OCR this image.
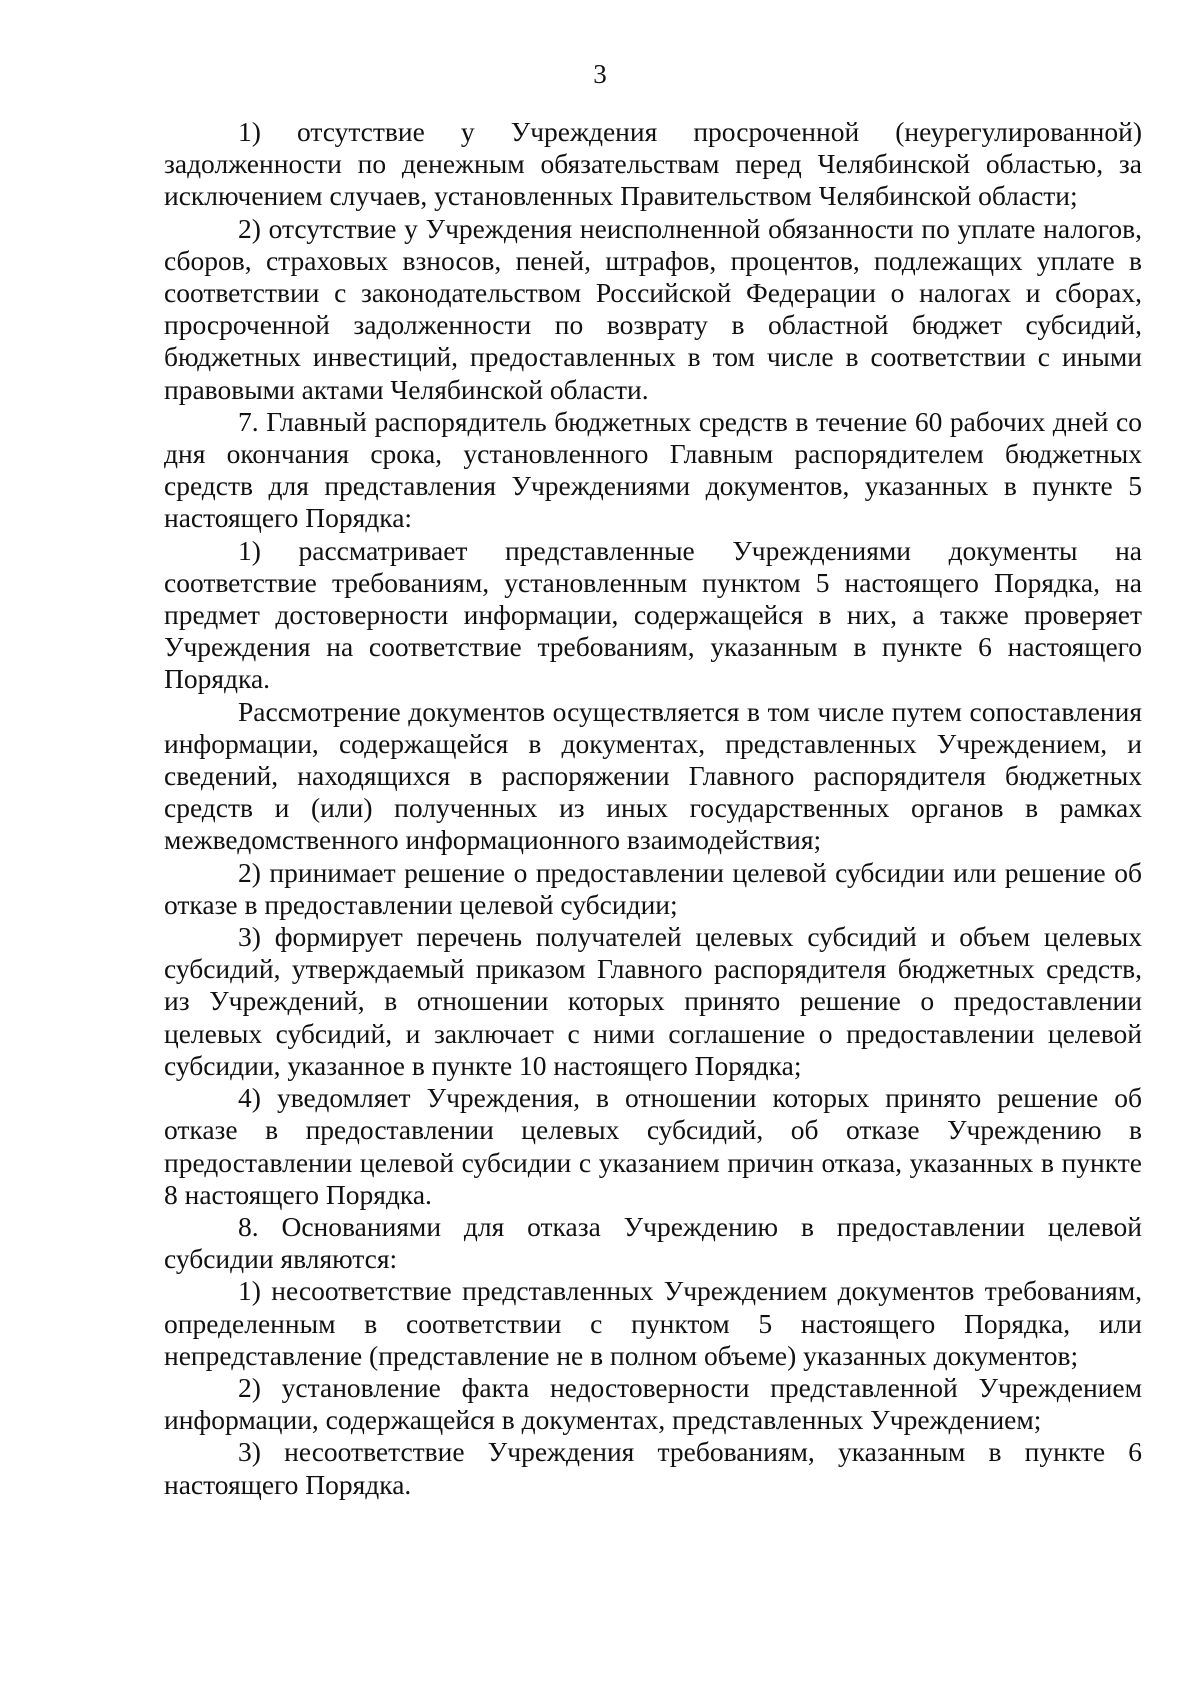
3

1) отсутствие у Учреждения просроченной (неурегулированной) задолженности по денежным обязательствам перед Челябинской областью, за исключением случаев, установленных Правительством Челябинской области;

2) отсутствие у Учреждения неисполненной обязанности по уплате налогов, сборов, страховых взносов, пеней, штрафов, процентов, подлежащих уплате в соответствии с законодательством Российской Федерации о налогах и сборах, просроченной задолженности по возврату в областной бюджет субсидий, бюджетных инвестиций, предоставленных в том числе в соответствии с иными правовыми актами Челябинской области.

7. Главный распорядитель бюджетных средств в течение 60 рабочих дней со дня окончания срока, установленного Главным распорядителем бюджетных средств для представления Учреждениями документов, указанных в пункте 5 настоящего Порядка:

1) рассматривает представленные Учреждениями документы на соответствие требованиям, установленным пунктом 5 настоящего Порядка, на предмет достоверности информации, содержащейся в них, а также проверяет Учреждения на соответствие требованиям, указанным в пункте 6 настоящего Порядка.

Рассмотрение документов осуществляется в том числе путем сопоставления информации, содержащейся в документах, представленных Учреждением, и сведений, находящихся в распоряжении Главного распорядителя бюджетных средств и (или) полученных из иных государственных органов в рамках межведомственного информационного взаимодействия;

2) принимает решение о предоставлении целевой субсидии или решение об отказе в предоставлении целевой субсидии;

3) формирует перечень получателей целевых субсидий и объем целевых субсидий, утверждаемый приказом Главного распорядителя бюджетных средств, из Учреждений, в отношении которых принято решение о предоставлении целевых субсидий, и заключает с ними соглашение о предоставлении целевой субсидии, указанное в пункте 10 настоящего Порядка;

4) уведомляет Учреждения, в отношении которых принято решение об отказе в предоставлении целевых субсидий, об отказе Учреждению в предоставлении целевой субсидии с указанием причин отказа, указанных в пункте 8 настоящего Порядка.

8. Основаниями для отказа Учреждению в предоставлении целевой субсидии являются:

1) несоответствие представленных Учреждением документов требованиям, определенным в соответствии с пунктом 5 настоящего Порядка, или непредставление (представление не в полном объеме) указанных документов;

2) установление факта недостоверности представленной Учреждением информации, содержащейся в документах, представленных Учреждением;

3) несоответствие Учреждения требованиям, указанным в пункте 6 настоящего Порядка.
